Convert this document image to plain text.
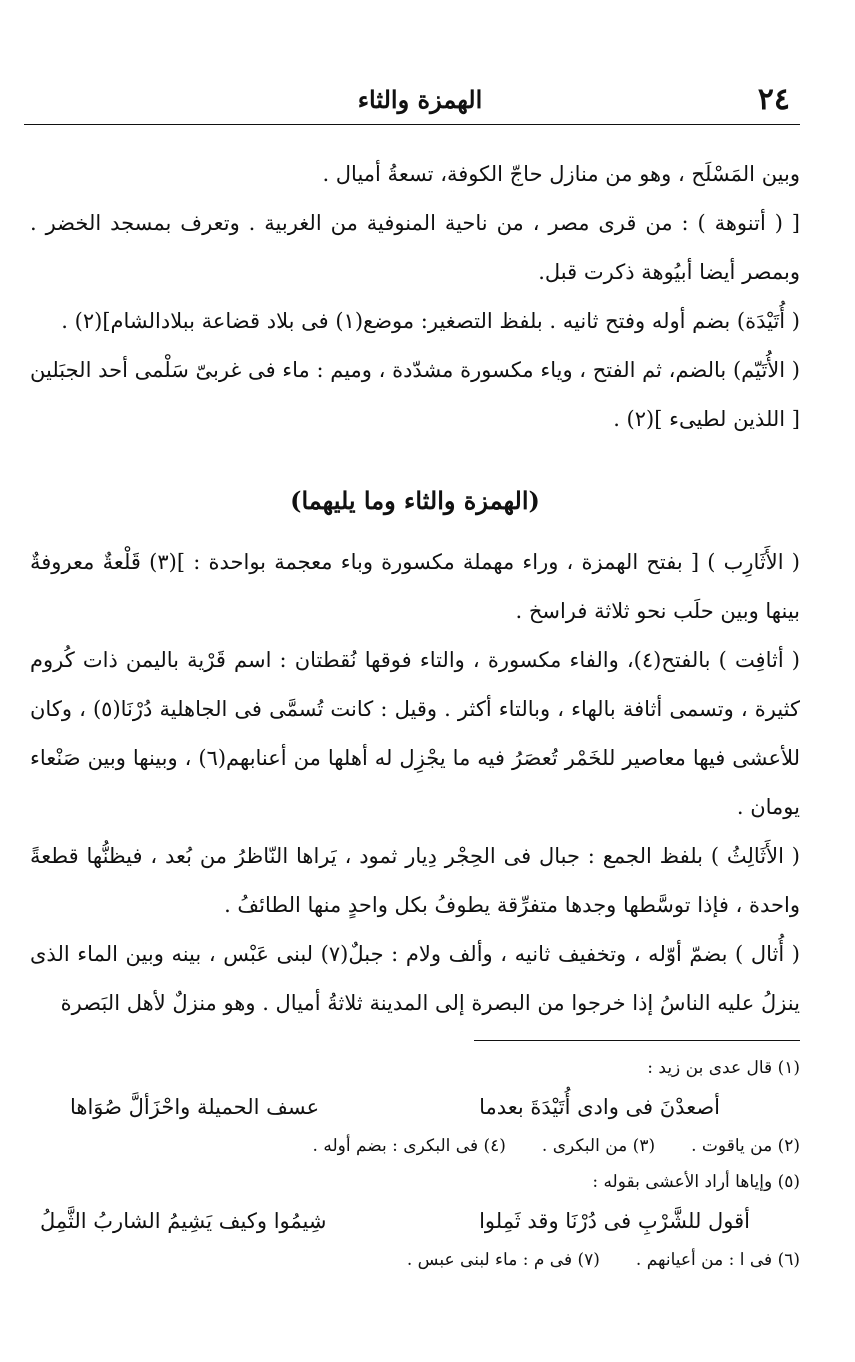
٢٤
الهمزة والثاء

وبين المَسْلَح ، وهو من منازل حاجّ الكوفة، تسعةُ أميال .

[ ( أتنوهة ) : من قرى مصر ، من ناحية المنوفية من الغربية . وتعرف بمسجد الخضر . وبمصر أيضا أبيُوهة ذكرت قبل.

( أُتَيْدَة) بضم أوله وفتح ثانيه . بلفظ التصغير: موضع(١) فى بلاد قضاعة ببلادالشام](٢) .

( الأُتَيّم) بالضم، ثم الفتح ، وياء مكسورة مشدّدة ، وميم : ماء فى غربىّ سَلْمى أحد الجبَلين [ اللذين لطيىء ](٢) .

(الهمزة والثاء وما يليهما)

( الأَثَارِب ) [ بفتح الهمزة ، وراء مهملة مكسورة وباء معجمة بواحدة : ](٣) قَلْعةٌ معروفةٌ بينها وبين حلَب نحو ثلاثة فراسخ .

( أثافِت ) بالفتح(٤)، والفاء مكسورة ، والتاء فوقها نُقطتان : اسم قَرْية باليمن ذات كُروم كثيرة ، وتسمى أثافة بالهاء ، وبالتاء أكثر . وقيل : كانت تُسمَّى فى الجاهلية دُرْنَا(٥) ، وكان للأعشى فيها معاصير للخَمْر تُعصَرُ فيه ما يجْزِل له أهلها من أعنابهم(٦) ، وبينها وبين صَنْعاء يومان .

( الأَثَالِثُ ) بلفظ الجمع : جبال فى الحِجْر دِيار ثمود ، يَراها النّاظرُ من بُعد ، فيظنُّها قطعةً واحدة ، فإذا توسَّطها وجدها متفرِّقة يطوفُ بكل واحدٍ منها الطائفُ .

( أُثال ) بضمّ أوّله ، وتخفيف ثانيه ، وألف ولام : جبلٌ(٧) لبنى عَبْس ، بينه وبين الماء الذى ينزلُ عليه الناسُ إذا خرجوا من البصرة إلى المدينة ثلاثةُ أميال . وهو منزلٌ لأهل البَصرة

(١) قال عدى بن زيد :

أصعدْنَ فى وادى أُتَيْدَةَ بعدما
عسف الحميلة واحْزَألَّ صُوَاها
(٢) من ياقوت .
(٣) من البكرى .
(٤) فى البكرى : بضم أوله .

(٥) وإياها أراد الأعشى بقوله :

أقول للشَّرْبِ فى دُرْنَا وقد ثَمِلوا
شِيمُوا وكيف يَشِيمُ الشاربُ الثَّمِلُ
(٦) فى ا : من أعيانهم .
(٧) فى م : ماء لبنى عبس .
